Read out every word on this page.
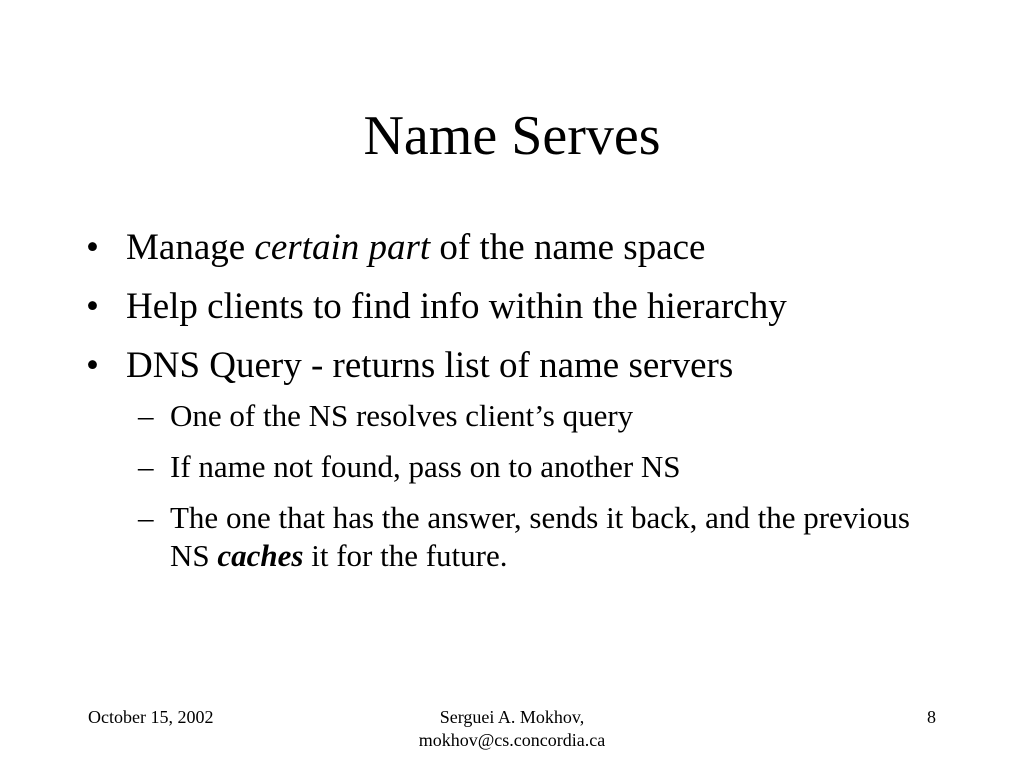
Name Serves
• Manage certain part of the name space
• Help clients to find info within the hierarchy
• DNS Query - returns list of name servers
– One of the NS resolves client’s query
– If name not found, pass on to another NS
– The one that has the answer, sends it back, and the previous NS caches it for the future.
October 15, 2002	Serguei A. Mokhov,
mokhov@cs.concordia.ca
8
